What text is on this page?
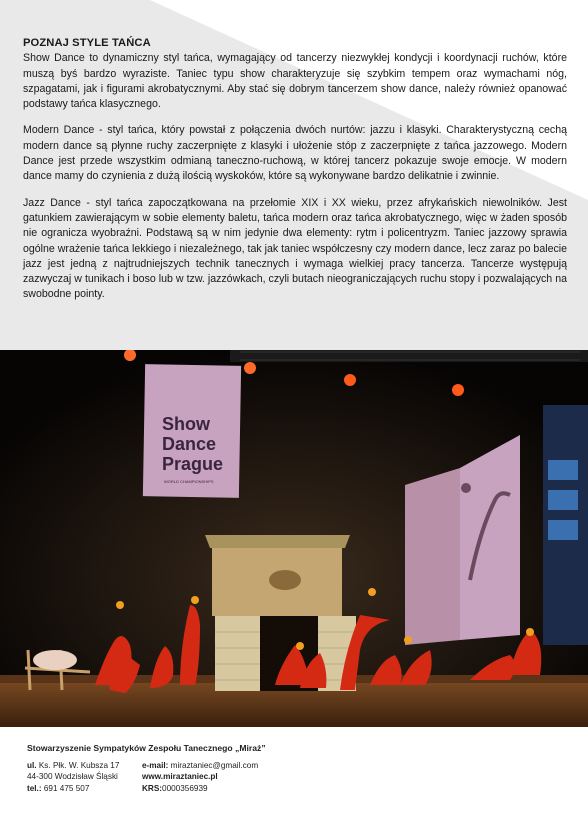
POZNAJ STYLE TAŃCA

Show Dance to dynamiczny styl tańca, wymagający od tancerzy niezwykłej kondycji i koordynacji ruchów, które muszą byś bardzo wyraziste. Taniec typu show charakteryzuje się szybkim tempem oraz wymachami nóg, szpagatami, jak i figurami akrobatycznymi. Aby stać się dobrym tancerzem show dance, należy również opanować podstawy tańca klasycznego.

Modern Dance - styl tańca, który powstał z połączenia dwóch nurtów: jazzu i klasyki. Charakterystyczną cechą modern dance są płynne ruchy zaczerpnięte z klasyki i ułożenie stóp z zaczerpnięte z tańca jazzowego. Modern Dance jest przede wszystkim odmianą taneczno-ruchową, w której tancerz pokazuje swoje emocje. W modern dance mamy do czynienia z dużą ilością wyskoków, które są wykonywane bardzo delikatnie i zwinnie.

Jazz Dance - styl tańca zapoczątkowana na przełomie XIX i XX wieku, przez afrykańskich niewolników. Jest gatunkiem zawierającym w sobie elementy baletu, tańca modern oraz tańca akrobatycznego, więc w żaden sposób nie ogranicza wyobraźni. Podstawą są w nim jedynie dwa elementy: rytm i policentryzm. Taniec jazzowy sprawia ogólne wrażenie tańca lekkiego i niezależnego, tak jak taniec współczesny czy modern dance, lecz zaraz po balecie jazz jest jedną z najtrudniejszych technik tanecznych i wymaga wielkiej pracy tancerza. Tancerze występują zazwyczaj w tunikach i boso lub w tzw. jazzówkach, czyli butach nieograniczających ruchu stopy i pozwalających na swobodne pointy.

Show
Dance
Prague
WORLD CHAMPIONSHIPS
Stowarzyszenie Sympatyków Zespołu Tanecznego „Miraż”
ul. Ks. Płk. W. Kubsza 17
44-300 Wodzisław Śląski
tel.: 691 475 507
e-mail: miraztaniec@gmail.com
www.miraztaniec.pl
KRS:0000356939
